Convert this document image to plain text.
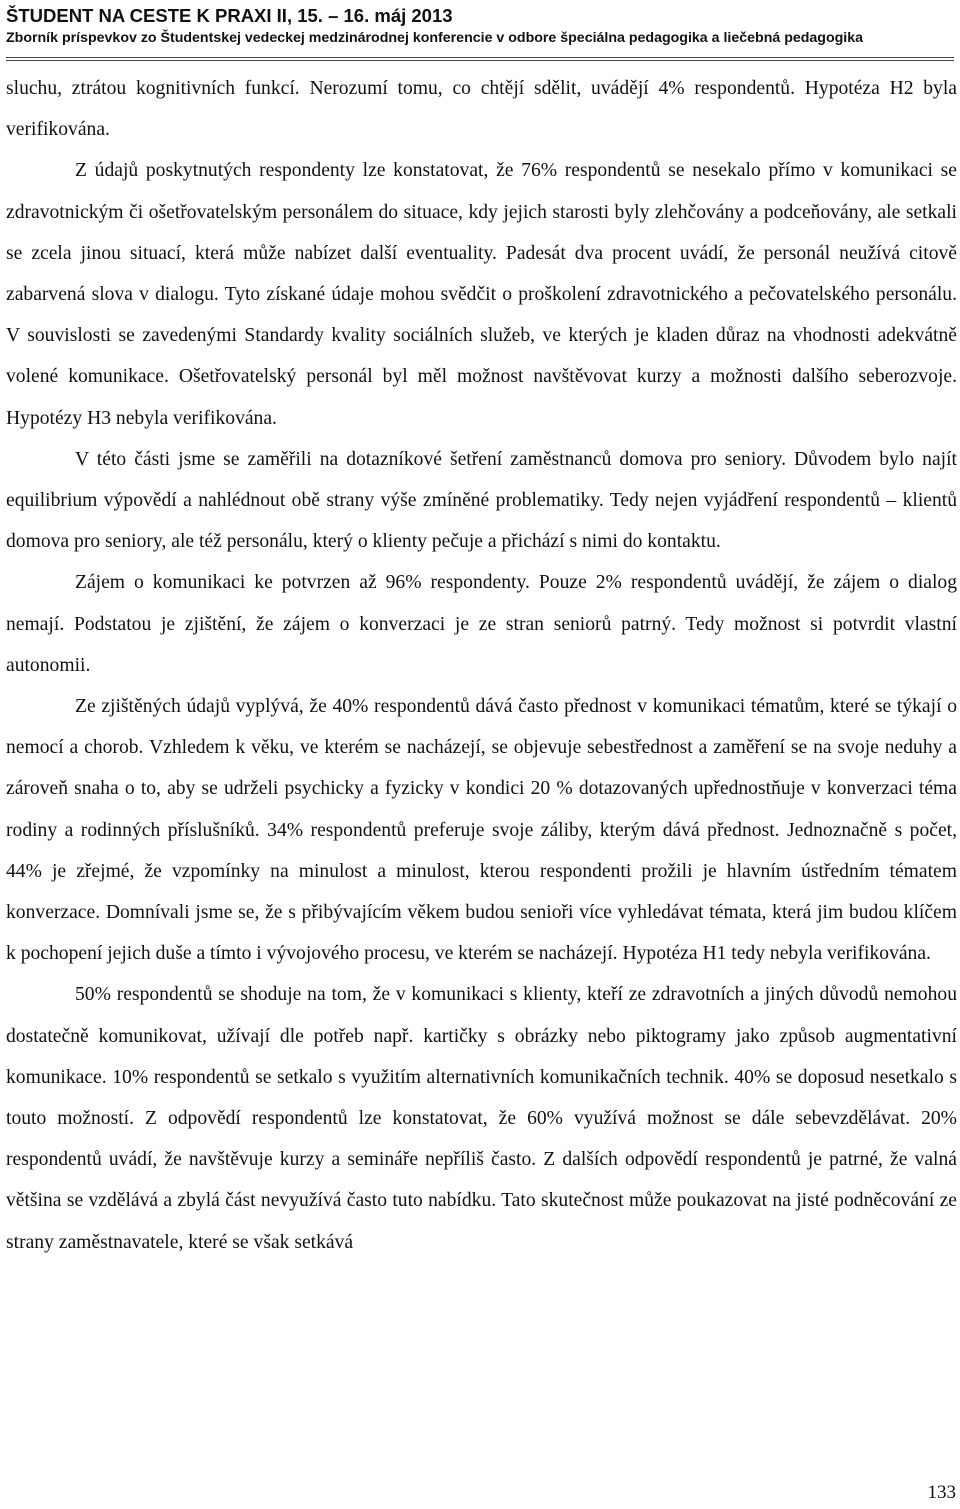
ŠTUDENT NA CESTE K PRAXI II, 15. – 16. máj 2013
Zborník príspevkov zo Študentskej vedeckej medzinárodnej konferencie v odbore špeciálna pedagogika a liečebná pedagogika

sluchu, ztrátou kognitivních funkcí. Nerozumí tomu, co chtějí sdělit, uvádějí 4% respondentů. Hypotéza H2 byla verifikována.

Z údajů poskytnutých respondenty lze konstatovat, že 76% respondentů se nesekalo přímo v komunikaci se zdravotnickým či ošetřovatelským personálem do situace, kdy jejich starosti byly zlehčovány a podceňovány, ale setkali se zcela jinou situací, která může nabízet další eventuality. Padesát dva procent uvádí, že personál neužívá citově zabarvená slova v dialogu. Tyto získané údaje mohou svědčit o proškolení zdravotnického a pečovatelského personálu. V souvislosti se zavedenými Standardy kvality sociálních služeb, ve kterých je kladen důraz na vhodnosti adekvátně volené komunikace. Ošetřovatelský personál byl měl možnost navštěvovat kurzy a možnosti dalšího seberozvoje. Hypotézy H3 nebyla verifikována.

V této části jsme se zaměřili na dotazníkové šetření zaměstnanců domova pro seniory. Důvodem bylo najít equilibrium výpovědí a nahlédnout obě strany výše zmíněné problematiky. Tedy nejen vyjádření respondentů – klientů domova pro seniory, ale též personálu, který o klienty pečuje a přichází s nimi do kontaktu.

Zájem o komunikaci ke potvrzen až 96% respondenty. Pouze 2% respondentů uvádějí, že zájem o dialog nemají. Podstatou je zjištění, že zájem o konverzaci je ze stran seniorů patrný. Tedy možnost si potvrdit vlastní autonomii.

Ze zjištěných údajů vyplývá, že 40% respondentů dává často přednost v komunikaci tématům, které se týkají o nemocí a chorob. Vzhledem k věku, ve kterém se nacházejí, se objevuje sebestřednost a zaměření se na svoje neduhy a zároveň snaha o to, aby se udrželi psychicky a fyzicky v kondici 20 % dotazovaných upřednostňuje v konverzaci téma rodiny a rodinných příslušníků. 34% respondentů preferuje svoje záliby, kterým dává přednost. Jednoznačně s počet, 44% je zřejmé, že vzpomínky na minulost a minulost, kterou respondenti prožili je hlavním ústředním tématem konverzace. Domnívali jsme se, že s přibývajícím věkem budou senioři více vyhledávat témata, která jim budou klíčem k pochopení jejich duše a tímto i vývojového procesu, ve kterém se nacházejí. Hypotéza H1 tedy nebyla verifikována.

50% respondentů se shoduje na tom, že v komunikaci s klienty, kteří ze zdravotních a jiných důvodů nemohou dostatečně komunikovat, užívají dle potřeb např. kartičky s obrázky nebo piktogramy jako způsob augmentativní komunikace. 10% respondentů se setkalo s využitím alternativních komunikačních technik. 40% se doposud nesetkalo s touto možností. Z odpovědí respondentů lze konstatovat, že 60% využívá možnost se dále sebevzdělávat. 20% respondentů uvádí, že navštěvuje kurzy a semináře nepříliš často. Z dalších odpovědí respondentů je patrné, že valná většina se vzdělává a zbylá část nevyužívá často tuto nabídku. Tato skutečnost může poukazovat na jisté podněcování ze strany zaměstnavatele, které se však setkává

133
